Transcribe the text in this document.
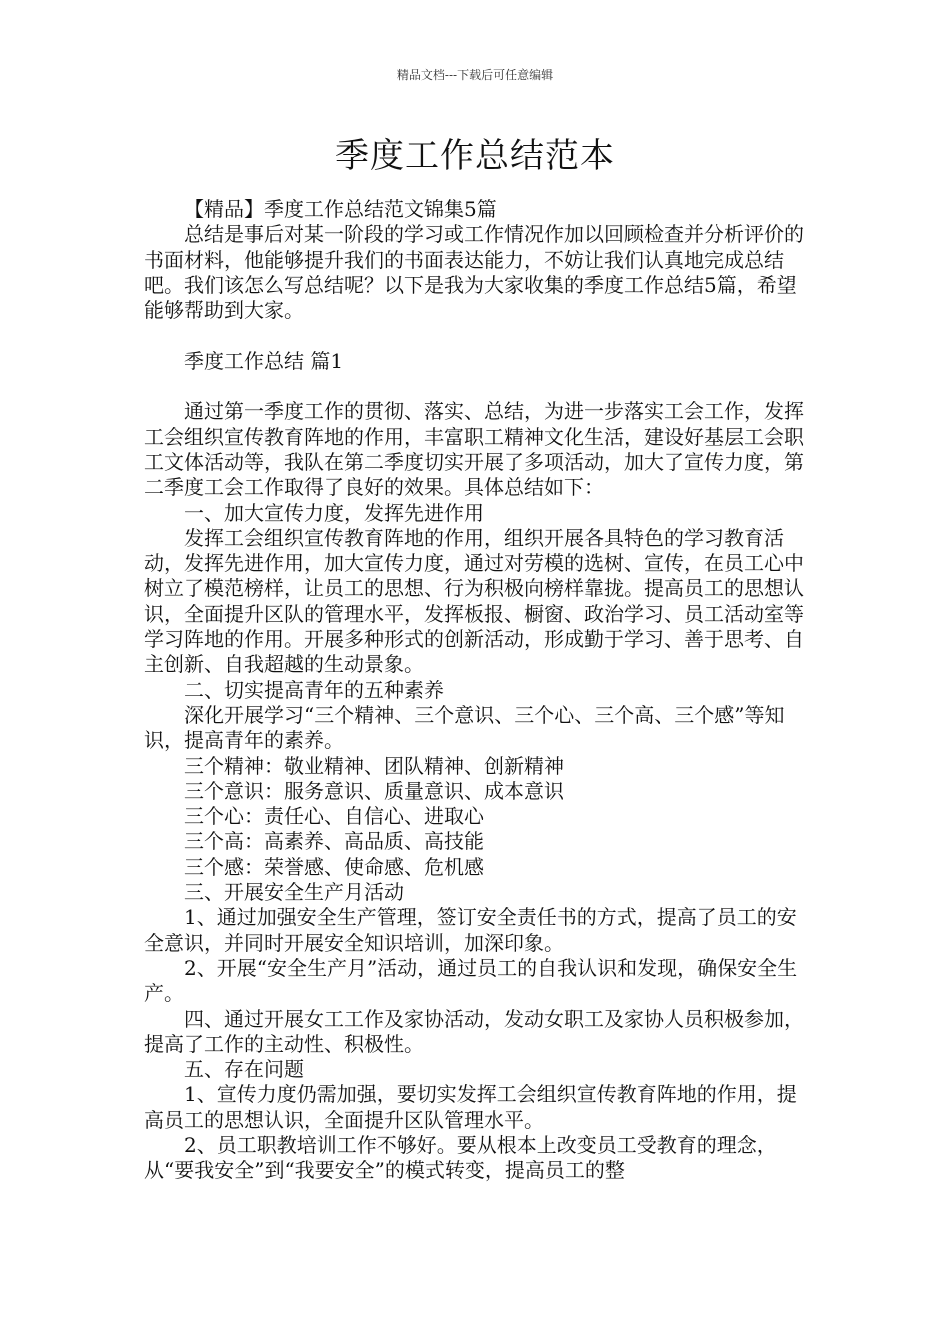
精品文档---下载后可任意编辑
季度工作总结范本

【精品】季度工作总结范文锦集5篇

总结是事后对某一阶段的学习或工作情况作加以回顾检查并分析评价的书面材料，他能够提升我们的书面表达能力，不妨让我们认真地完成总结吧。我们该怎么写总结呢？以下是我为大家收集的季度工作总结5篇，希望能够帮助到大家。

季度工作总结 篇1

通过第一季度工作的贯彻、落实、总结，为进一步落实工会工作，发挥工会组织宣传教育阵地的作用，丰富职工精神文化生活，建设好基层工会职工文体活动等，我队在第二季度切实开展了多项活动，加大了宣传力度，第二季度工会工作取得了良好的效果。具体总结如下：

一、加大宣传力度，发挥先进作用

发挥工会组织宣传教育阵地的作用，组织开展各具特色的学习教育活动，发挥先进作用，加大宣传力度，通过对劳模的选树、宣传，在员工心中树立了模范榜样，让员工的思想、行为积极向榜样靠拢。提高员工的思想认识，全面提升区队的管理水平，发挥板报、橱窗、政治学习、员工活动室等学习阵地的作用。开展多种形式的创新活动，形成勤于学习、善于思考、自主创新、自我超越的生动景象。

二、切实提高青年的五种素养

深化开展学习“三个精神、三个意识、三个心、三个高、三个感”等知识，提高青年的素养。

三个精神：敬业精神、团队精神、创新精神

三个意识：服务意识、质量意识、成本意识

三个心：责任心、自信心、进取心

三个高：高素养、高品质、高技能

三个感：荣誉感、使命感、危机感

三、开展安全生产月活动

1、通过加强安全生产管理，签订安全责任书的方式，提高了员工的安全意识，并同时开展安全知识培训，加深印象。

2、开展“安全生产月”活动，通过员工的自我认识和发现，确保安全生产。

四、通过开展女工工作及家协活动，发动女职工及家协人员积极参加，提高了工作的主动性、积极性。

五、存在问题

1、宣传力度仍需加强，要切实发挥工会组织宣传教育阵地的作用，提高员工的思想认识，全面提升区队管理水平。

2、员工职教培训工作不够好。要从根本上改变员工受教育的理念，从“要我安全”到“我要安全”的模式转变，提高员工的整
